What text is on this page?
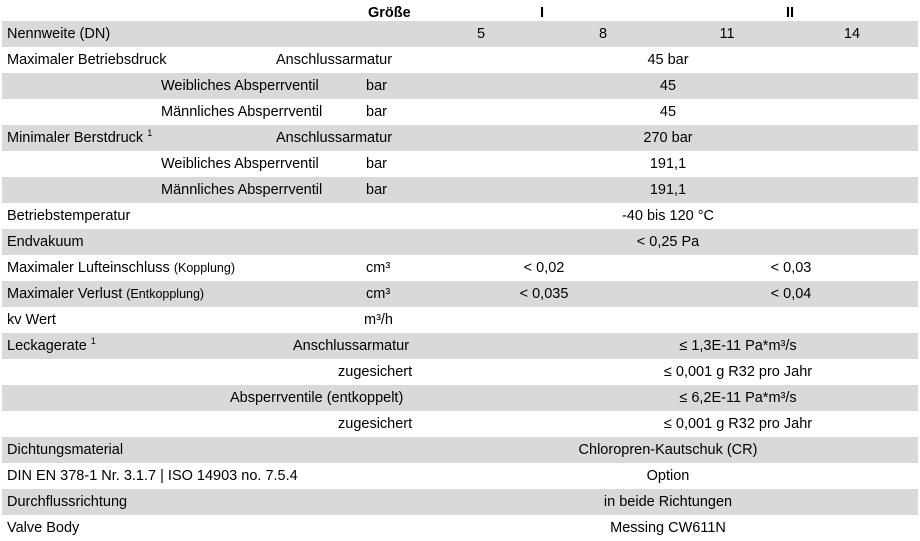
Größe	I	II
Nennweite (DN)	5	8	11	14
Maximaler Betriebsdruck	Anschlussarmatur	45 bar
Weibliches Absperrventil	bar	45
Männliches Absperrventil	bar	45
Minimaler Berstdruck $^1$	Anschlussarmatur	270 bar
Weibliches Absperrventil	bar	191,1
Männliches Absperrventil	bar	191,1
Betriebstemperatur	-40 bis 120 °C
Endvakuum	< 0,25 Pa
Maximaler Lufteinschluss (Kopplung)	cm³	< 0,02	< 0,03
Maximaler Verlust (Entkopplung)	cm³	< 0,035	< 0,04
kv Wert	m³/h
Leckagerate $^1$	Anschlussarmatur	≤ 1,3E-11 Pa*m³/s
zugesichert	≤ 0,001 g R32 pro Jahr
Absperrventile (entkoppelt)	≤ 6,2E-11 Pa*m³/s
zugesichert	≤ 0,001 g R32 pro Jahr
Dichtungsmaterial	Chloropren-Kautschuk (CR)
DIN EN 378-1 Nr. 3.1.7 | ISO 14903 no. 7.5.4	Option
Durchflussrichtung	in beide Richtungen
Valve Body	Messing CW611N
